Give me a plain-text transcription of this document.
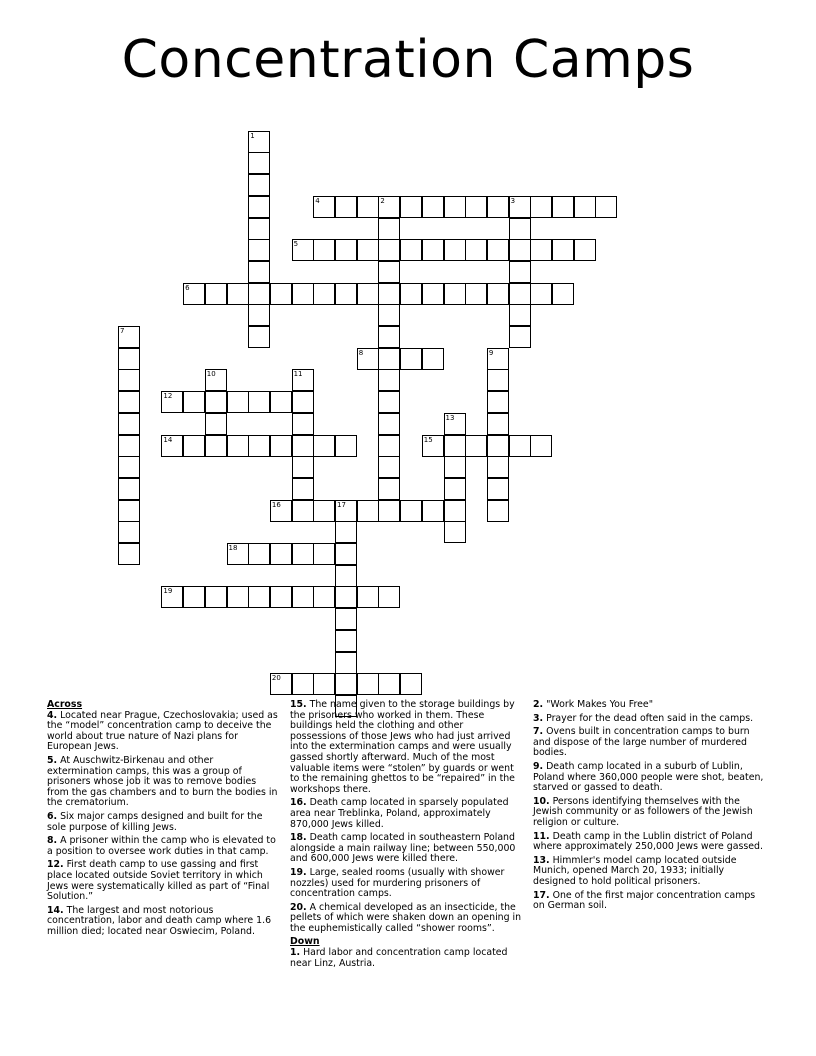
Concentration Camps
4	2	3
5
6
8
12
14	15
16	17
18
19
20
1
7
9
10	11
13
Across
4. Located near Prague, Czechoslovakia; used as the “model” concentration camp to deceive the world about true nature of Nazi plans for European Jews.
5. At Auschwitz-Birkenau and other extermination camps, this was a group of prisoners whose job it was to remove bodies from the gas chambers and to burn the bodies in the crematorium.
6. Six major camps designed and built for the sole purpose of killing Jews.
8. A prisoner within the camp who is elevated to a position to oversee work duties in that camp.
12. First death camp to use gassing and first place located outside Soviet territory in which Jews were systematically killed as part of “Final Solution.”
14. The largest and most notorious concentration, labor and death camp where 1.6 million died; located near Oswiecim, Poland.
15. The name given to the storage buildings by the prisoners who worked in them. These buildings held the clothing and other possessions of those Jews who had just arrived into the extermination camps and were usually gassed shortly afterward. Much of the most valuable items were “stolen” by guards or went to the remaining ghettos to be “repaired” in the workshops there.
16. Death camp located in sparsely populated area near Treblinka, Poland, approximately 870,000 Jews killed.
18. Death camp located in southeastern Poland alongside a main railway line; between 550,000 and 600,000 Jews were killed there.
19. Large, sealed rooms (usually with shower nozzles) used for murdering prisoners of concentration camps.
20. A chemical developed as an insecticide, the pellets of which were shaken down an opening in the euphemistically called “shower rooms”.
Down
1. Hard labor and concentration camp located near Linz, Austria.
2. "Work Makes You Free"
3. Prayer for the dead often said in the camps.
7. Ovens built in concentration camps to burn and dispose of the large number of murdered bodies.
9. Death camp located in a suburb of Lublin, Poland where 360,000 people were shot, beaten, starved or gassed to death.
10. Persons identifying themselves with the Jewish community or as followers of the Jewish religion or culture.
11. Death camp in the Lublin district of Poland where approximately 250,000 Jews were gassed.
13. Himmler's model camp located outside Munich, opened March 20, 1933; initially designed to hold political prisoners.
17. One of the first major concentration camps on German soil.
